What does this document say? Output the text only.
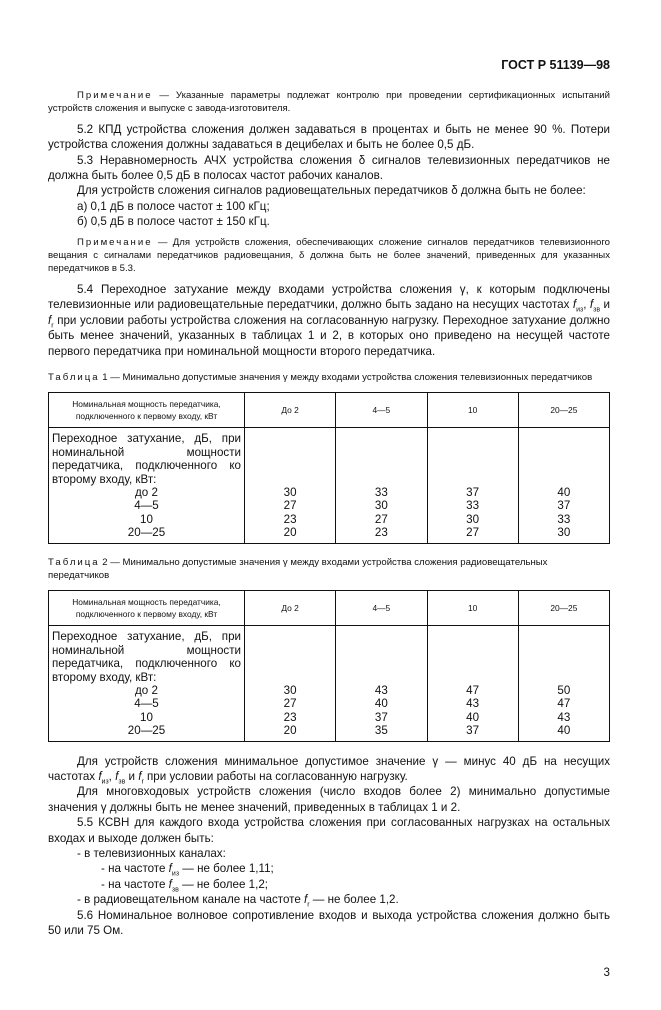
ГОСТ Р 51139—98
Примечание — Указанные параметры подлежат контролю при проведении сертификационных испытаний устройств сложения и выпуске с завода-изготовителя.

5.2 КПД устройства сложения должен задаваться в процентах и быть не менее 90 %. Потери устройства сложения должны задаваться в децибелах и быть не более 0,5 дБ.

5.3 Неравномерность АЧХ устройства сложения δ сигналов телевизионных передатчиков не должна быть более 0,5 дБ в полосах частот рабочих каналов.

Для устройств сложения сигналов радиовещательных передатчиков δ должна быть не более:

а) 0,1 дБ в полосе частот ± 100 кГц;

б) 0,5 дБ в полосе частот ± 150 кГц.

Примечание — Для устройств сложения, обеспечивающих сложение сигналов передатчиков телевизионного вещания с сигналами передатчиков радиовещания, δ должна быть не более значений, приведенных для указанных передатчиков в 5.3.

5.4 Переходное затухание между входами устройства сложения γ, к которым подключены телевизионные или радиовещательные передатчики, должно быть задано на несущих частотах $f_{из}$, $f_{зв}$ и $f_r$ при условии работы устройства сложения на согласованную нагрузку. Переходное затухание должно быть менее значений, указанных в таблицах 1 и 2, в которых оно приведено на несущей частоте первого передатчика при номинальной мощности второго передатчика.

Таблица 1 — Минимально допустимые значения γ между входами устройства сложения телевизионных передатчиков
Номинальная мощность передатчика, подключенного к первому входу, кВт	До 2	4—5	10	20—25
Переходное затухание, дБ, при номинальной мощности передатчика, подключенного ко второму входу, кВт:				
до 2	30	33	37	40
4—5	27	30	33	37
10	23	27	30	33
20—25	20	23	27	30
Таблица 2 — Минимально допустимые значения γ между входами устройства сложения радиовещательных передатчиков
Номинальная мощность передатчика, подключенного к первому входу, кВт	До 2	4—5	10	20—25
Переходное затухание, дБ, при номинальной мощности передатчика, подключенного ко второму входу, кВт:				
до 2	30	43	47	50
4—5	27	40	43	47
10	23	37	40	43
20—25	20	35	37	40

Для устройств сложения минимальное допустимое значение γ — минус 40 дБ на несущих частотах $f_{из}$, $f_{зв}$ и $f_r$ при условии работы на согласованную нагрузку.

Для многовходовых устройств сложения (число входов более 2) минимально допустимые значения γ должны быть не менее значений, приведенных в таблицах 1 и 2.

5.5 КСВН для каждого входа устройства сложения при согласованных нагрузках на остальных входах и выходе должен быть:

- в телевизионных каналах:

- на частоте $f_{из}$ — не более 1,11;

- на частоте $f_{зв}$ — не более 1,2;

- в радиовещательном канале на частоте $f_r$ — не более 1,2.

5.6 Номинальное волновое сопротивление входов и выхода устройства сложения должно быть 50 или 75 Ом.

3
